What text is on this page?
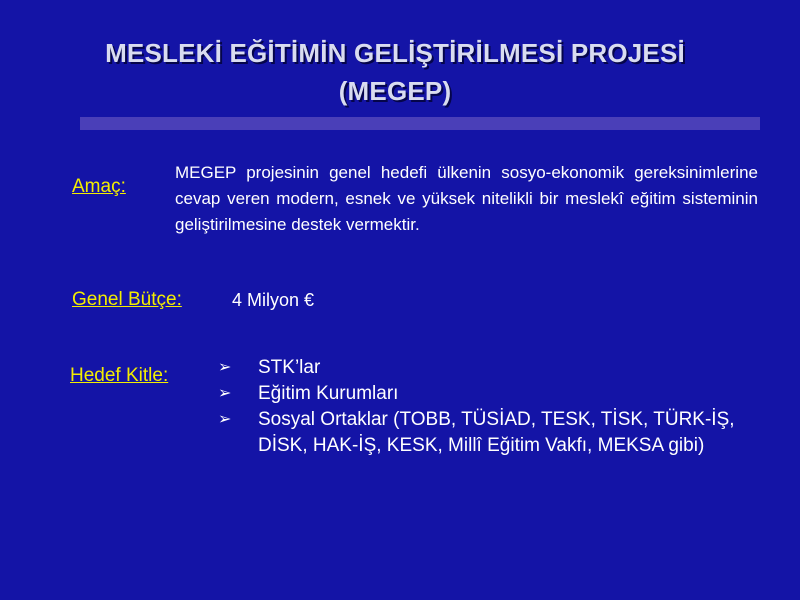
MESLEKİ EĞİTİMİN GELİŞTİRİLMESİ PROJESİ
(MEGEP)
Amaç:
MEGEP projesinin genel hedefi ülkenin sosyo-ekonomik gereksinimlerine cevap veren modern, esnek ve yüksek nitelikli bir meslekî eğitim sisteminin geliştirilmesine destek vermektir.
Genel Bütçe:	4 Milyon €
Hedef Kitle:	➢ STK’lar
➢ Eğitim Kurumları
➢ Sosyal Ortaklar (TOBB, TÜSİAD, TESK, TİSK, TÜRK-İŞ, DİSK, HAK-İŞ, KESK, Millî Eğitim Vakfı, MEKSA gibi)
